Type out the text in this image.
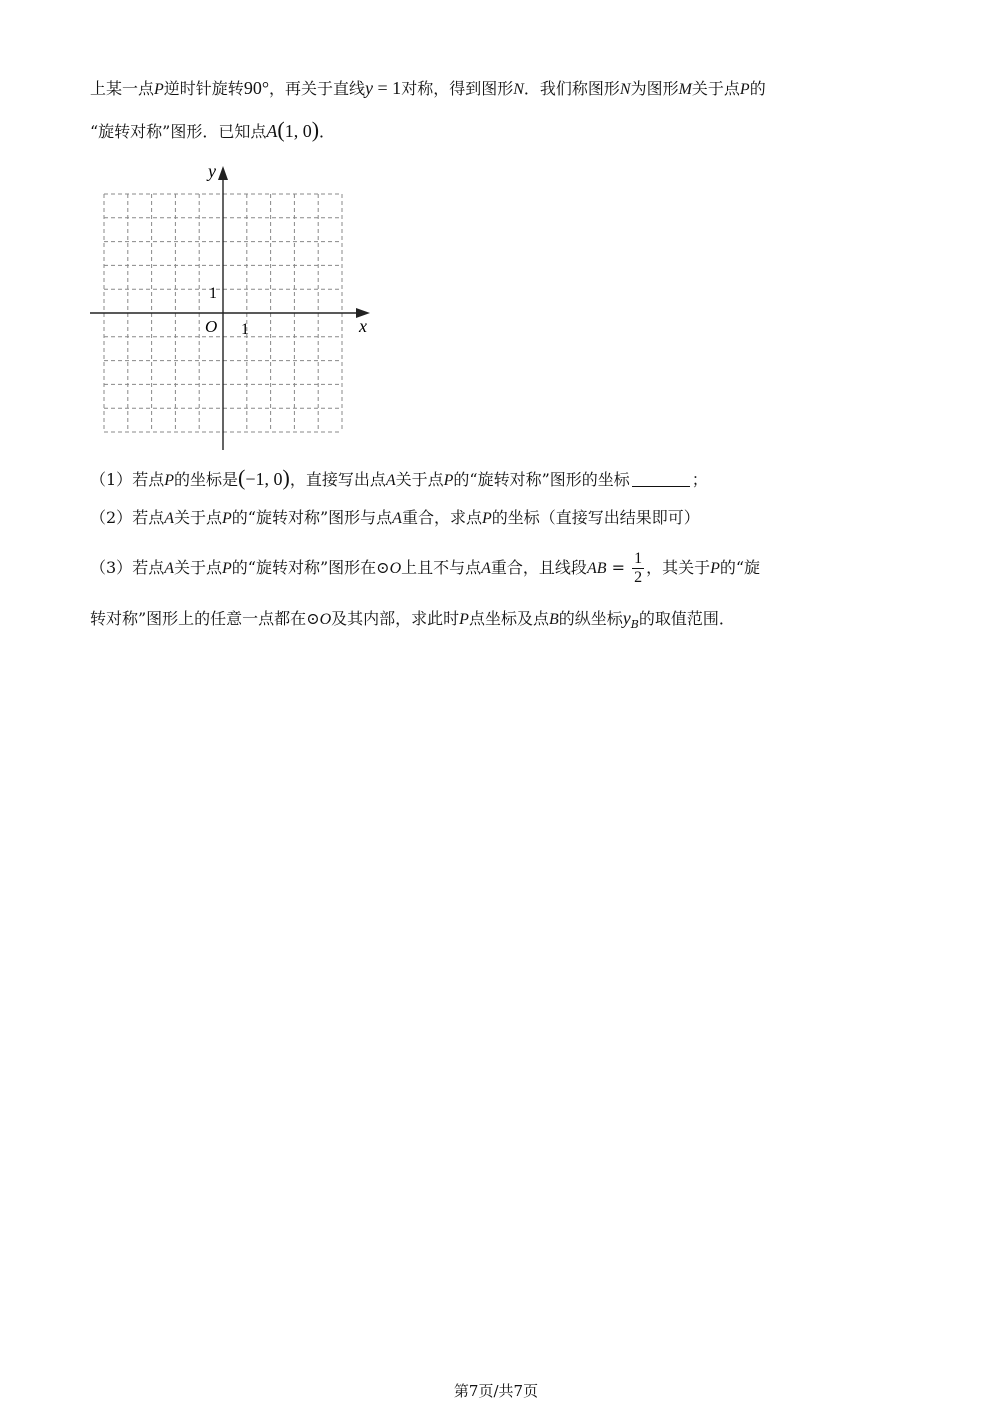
上某一点P逆时针旋转90°，再关于直线y = 1对称，得到图形N．我们称图形N为图形M关于点P的
“旋转对称”图形．已知点A(1, 0)．
x
y
O 1
1
（1）若点P的坐标是(−1, 0)，直接写出点A关于点P的“旋转对称”图形的坐标	；
（2）若点A关于点P的“旋转对称”图形与点A重合，求点P的坐标（直接写出结果即可）
（3）若点A关于点P的“旋转对称”图形在⊙O上且不与点A重合，且线段AB = $\frac{1}{2}$ ，其关于P的“旋
转对称”图形上的任意一点都在⊙O及其内部，求此时P点坐标及点B的纵坐标$y_B$的取值范围．
第7页/共7页
